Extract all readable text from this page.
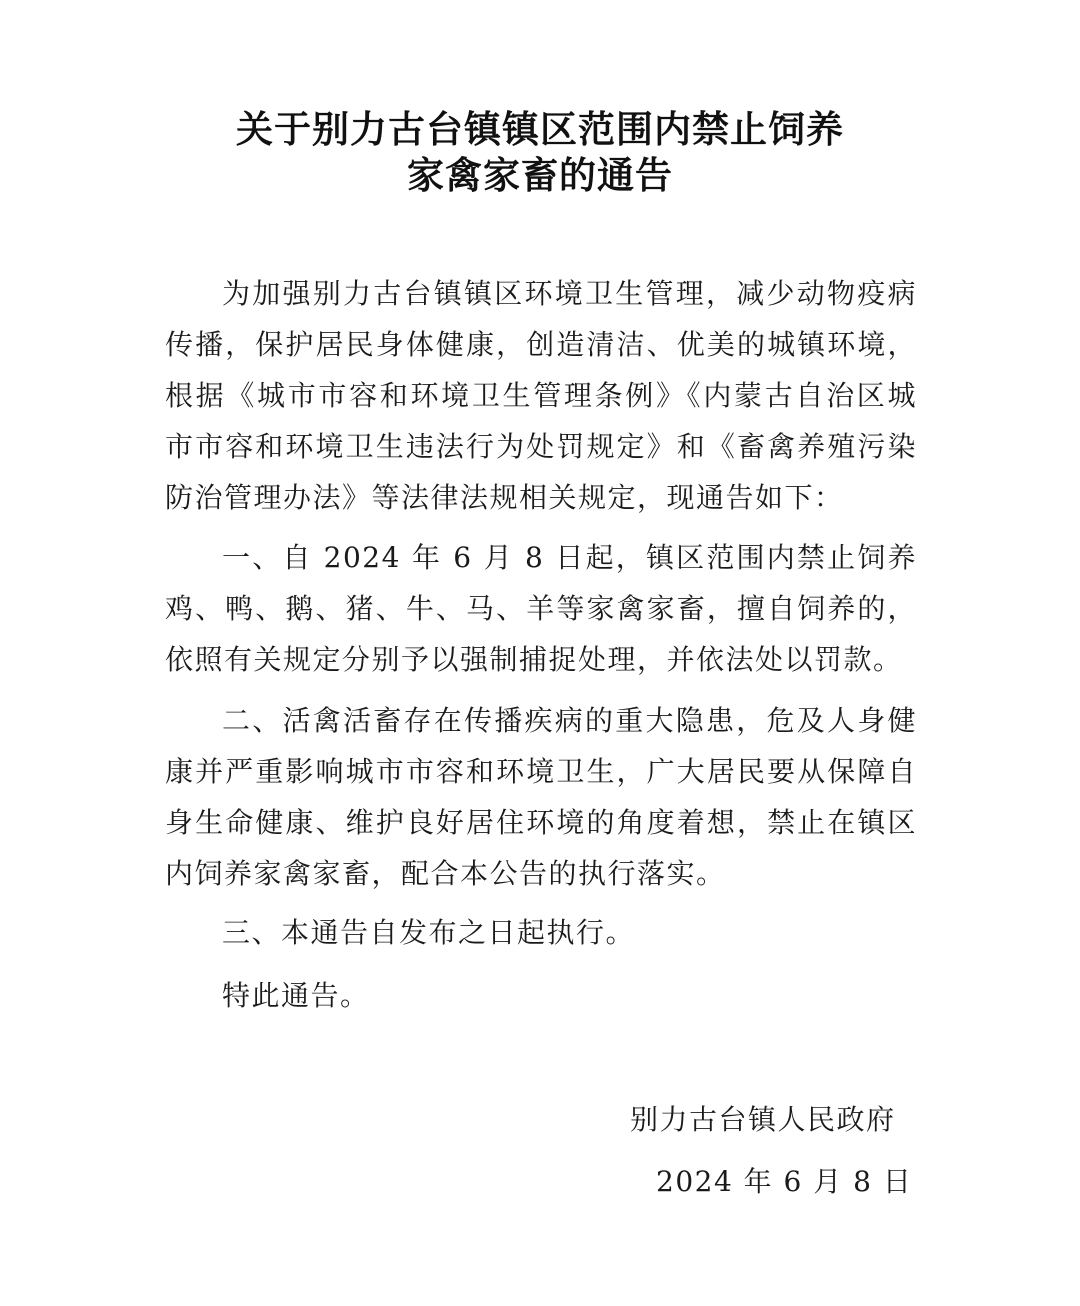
关于别力古台镇镇区范围内禁止饲养
家禽家畜的通告

为加强别力古台镇镇区环境卫生管理，减少动物疫病传播，保护居民身体健康，创造清洁、优美的城镇环境，根据《城市市容和环境卫生管理条例》《内蒙古自治区城市市容和环境卫生违法行为处罚规定》和《畜禽养殖污染防治管理办法》等法律法规相关规定，现通告如下：

一、自 2024 年 6 月 8 日起，镇区范围内禁止饲养鸡、鸭、鹅、猪、牛、马、羊等家禽家畜，擅自饲养的，依照有关规定分别予以强制捕捉处理，并依法处以罚款。

二、活禽活畜存在传播疾病的重大隐患，危及人身健康并严重影响城市市容和环境卫生，广大居民要从保障自身生命健康、维护良好居住环境的角度着想，禁止在镇区内饲养家禽家畜，配合本公告的执行落实。

三、本通告自发布之日起执行。

特此通告。

别力古台镇人民政府

2024 年 6 月 8 日
